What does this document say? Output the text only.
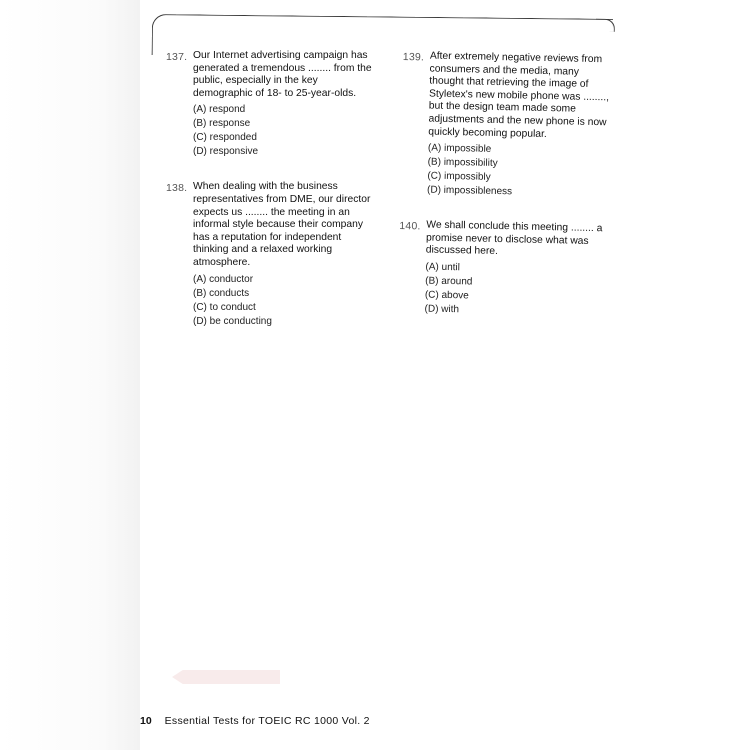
137. Our Internet advertising campaign has generated a tremendous ........ from the public, especially in the key demographic of 18- to 25-year-olds.
(A) respond
(B) response
(C) responded
(D) responsive
138. When dealing with the business representatives from DME, our director expects us ........ the meeting in an informal style because their company has a reputation for independent thinking and a relaxed working atmosphere.
(A) conductor
(B) conducts
(C) to conduct
(D) be conducting
139. After extremely negative reviews from consumers and the media, many thought that retrieving the image of Styletex's new mobile phone was ........, but the design team made some adjustments and the new phone is now quickly becoming popular.
(A) impossible
(B) impossibility
(C) impossibly
(D) impossibleness
140. We shall conclude this meeting ........ a promise never to disclose what was discussed here.
(A) until
(B) around
(C) above
(D) with
10 Essential Tests for TOEIC RC 1000 Vol. 2
